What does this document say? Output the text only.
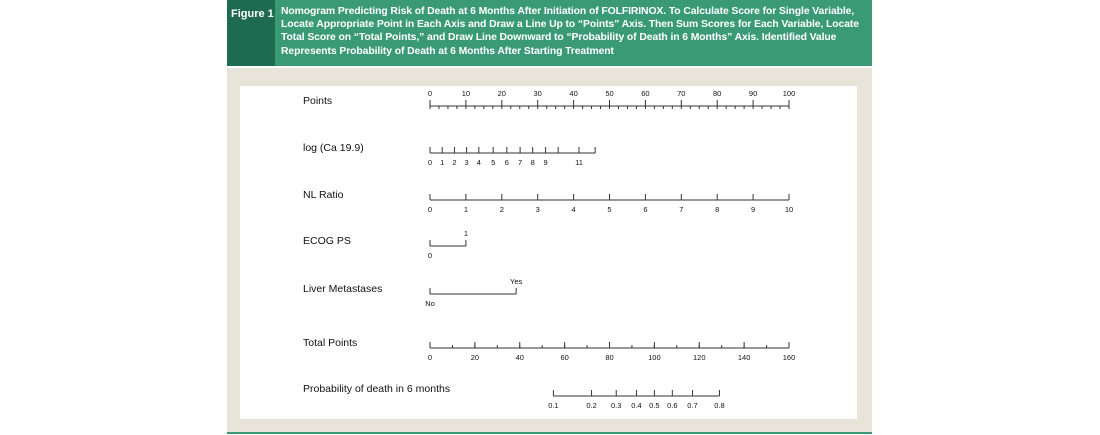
Figure 1 Nomogram Predicting Risk of Death at 6 Months After Initiation of FOLFIRINOX. To Calculate Score for Single Variable, Locate Appropriate Point in Each Axis and Draw a Line Up to “Points” Axis. Then Sum Scores for Each Variable, Locate Total Score on “Total Points,” and Draw Line Downward to “Probability of Death in 6 Months” Axis. Identified Value Represents Probability of Death at 6 Months After Starting Treatment
Points
0	10	20	30	40	50	60	70	80	90	100
log (Ca 19.9)
0 1 2 3 4 5 6 7 8 9	11
NL Ratio
0	1	2	3	4	5	6	7	8	9	10
ECOG PS
0
1
Liver Metastases
No
Yes
Total Points
0	20	40	60	80	100	120	140	160
Probability of death in 6 months
0.1	0.2 0.3 0.4 0.5 0.6 0.7 0.8
